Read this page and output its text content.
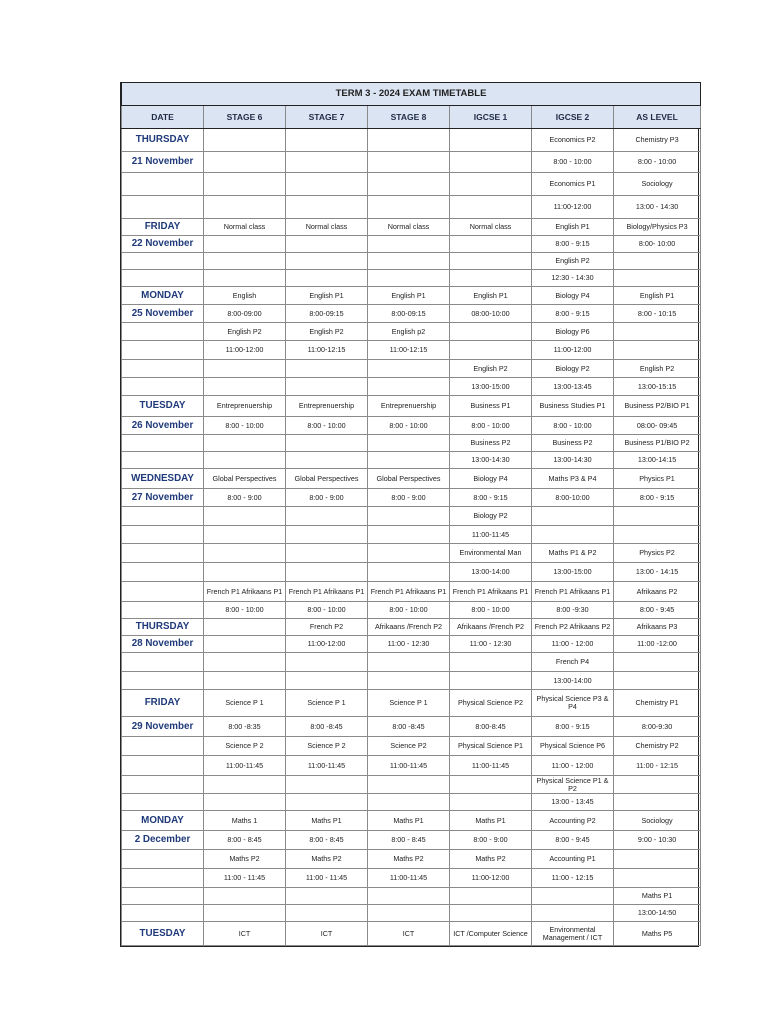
TERM 3 - 2024 EXAM TIMETABLE						
DATE	STAGE 6	STAGE 7	STAGE 8	IGCSE 1	IGCSE 2	AS LEVEL
THURSDAY					Economics P2	Chemistry P3
21 November					8:00 - 10:00	8:00 - 10:00
					Economics P1	Sociology
					11:00-12:00	13:00 - 14:30
FRIDAY	Normal class	Normal class	Normal class	Normal class	English P1	Biology/Physics P3
22 November					8:00 - 9:15	8:00- 10:00
					English P2	
					12:30 - 14:30	
MONDAY	English	English P1	English P1	English P1	Biology P4	English P1
25 November	8:00-09:00	8:00-09:15	8:00-09:15	08:00-10:00	8:00 - 9:15	8:00 - 10:15
	English P2	English P2	English p2		Biology P6	
	11:00-12:00	11:00-12:15	11:00-12:15		11:00-12:00	
				English P2	Biology P2	English P2
				13:00-15:00	13:00-13:45	13:00-15:15
TUESDAY	Entreprenuership	Entreprenuership	Entreprenuership	Business P1	Business Studies P1	Business P2/BIO P1
26 November	8:00 - 10:00	8:00 - 10:00	8:00 - 10:00	8:00 - 10:00	8:00 - 10:00	08:00- 09:45
				Business P2	Business P2	Business P1/BIO P2
				13:00-14:30	13:00-14:30	13:00-14:15
WEDNESDAY	Global Perspectives	Global Perspectives	Global Perspectives	Biology P4	Maths P3 & P4	Physics P1
27 November	8:00 - 9:00	8:00 - 9:00	8:00 - 9:00	8:00 - 9:15	8:00-10:00	8:00 - 9:15
				Biology P2		
				11:00-11:45		
				Environmental Man	Maths P1 & P2	Physics P2
				13:00-14:00	13:00-15:00	13:00 - 14:15
	French P1 Afrikaans P1	French P1 Afrikaans P1	French P1 Afrikaans P1	French P1 Afrikaans P1	French P1 Afrikaans P1	Afrikaans P2
	8:00 - 10:00	8:00 - 10:00	8:00 - 10:00	8:00 - 10:00	8:00 -9:30	8:00 - 9:45
THURSDAY		French P2	Afrikaans /French P2	Afrikaans /French P2	French P2 Afrikaans P2	Afrikaans P3
28 November		11:00-12:00	11:00 - 12:30	11:00 - 12:30	11:00 - 12:00	11:00 -12:00
					French P4	
					13:00-14:00	
FRIDAY	Science P 1	Science P 1	Science P 1	Physical Science P2	Physical Science P3 & P4	Chemistry P1
29 November	8:00 -8:35	8:00 -8:45	8:00 -8:45	8:00-8:45	8:00 - 9:15	8:00-9:30
	Science P 2	Science P 2	Science P2	Physical Science P1	Physical Science P6	Chemistry P2
	11:00-11:45	11:00-11:45	11:00-11:45	11:00-11:45	11:00 - 12:00	11:00 - 12:15
					Physical Science P1 & P2	
					13:00 - 13:45	
MONDAY	Maths 1	Maths P1	Maths P1	Maths P1	Accounting P2	Sociology
2 December	8:00 - 8:45	8:00 - 8:45	8:00 - 8:45	8:00 - 9:00	8:00 - 9:45	9:00 - 10:30
	Maths P2	Maths P2	Maths P2	Maths P2	Accounting P1	
	11:00 - 11:45	11:00 - 11:45	11:00-11:45	11:00-12:00	11:00 - 12:15	
						Maths P1
						13:00-14:50
TUESDAY	ICT	ICT	ICT	ICT /Computer Science	Environmental Management / ICT	Maths P5
